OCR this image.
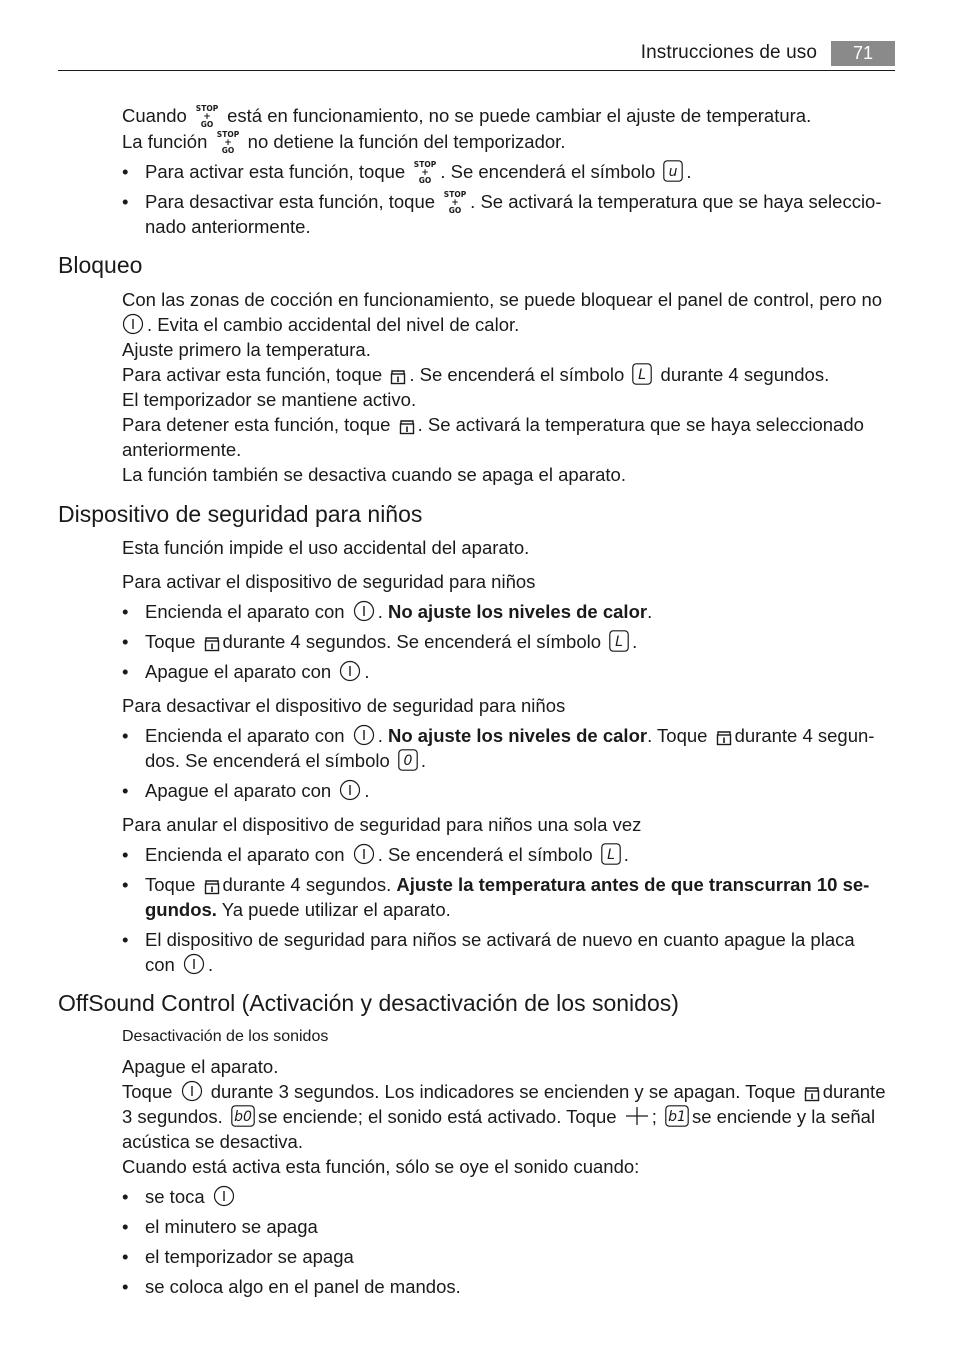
Instrucciones de uso	71
Cuando STOP
+
GO está en funcionamiento, no se puede cambiar el ajuste de temperatura.
La función STOP
+
GO no detiene la función del temporizador.
• Para activar esta función, toque STOP
+
GO . Se encenderá el símbolo u .
• Para desactivar esta función, toque STOP
+
GO . Se activará la temperatura que se haya seleccio-
nado anteriormente.
Bloqueo
Con las zonas de cocción en funcionamiento, se puede bloquear el panel de control, pero no
. Evita el cambio accidental del nivel de calor.
Ajuste primero la temperatura.
Para activar esta función, toque . Se encenderá el símbolo L durante 4 segundos.
El temporizador se mantiene activo.
Para detener esta función, toque . Se activará la temperatura que se haya seleccionado
anteriormente.
La función también se desactiva cuando se apaga el aparato.
Dispositivo de seguridad para niños
Esta función impide el uso accidental del aparato.
Para activar el dispositivo de seguridad para niños
• Encienda el aparato con . No ajuste los niveles de calor.
• Toque durante 4 segundos. Se encenderá el símbolo L .
• Apague el aparato con .
Para desactivar el dispositivo de seguridad para niños
• Encienda el aparato con . No ajuste los niveles de calor. Toque durante 4 segun-
dos. Se encenderá el símbolo 0 .
• Apague el aparato con .
Para anular el dispositivo de seguridad para niños una sola vez
• Encienda el aparato con . Se encenderá el símbolo L .
• Toque durante 4 segundos. Ajuste la temperatura antes de que transcurran 10 se-
gundos. Ya puede utilizar el aparato.
• El dispositivo de seguridad para niños se activará de nuevo en cuanto apague la placa
con .
OffSound Control (Activación y desactivación de los sonidos)
Desactivación de los sonidos
Apague el aparato.
Toque durante 3 segundos. Los indicadores se encienden y se apagan. Toque durante
3 segundos. b0 se enciende; el sonido está activado. Toque ; b1 se enciende y la señal
acústica se desactiva.
Cuando está activa esta función, sólo se oye el sonido cuando:
• se toca
• el minutero se apaga
• el temporizador se apaga
• se coloca algo en el panel de mandos.
